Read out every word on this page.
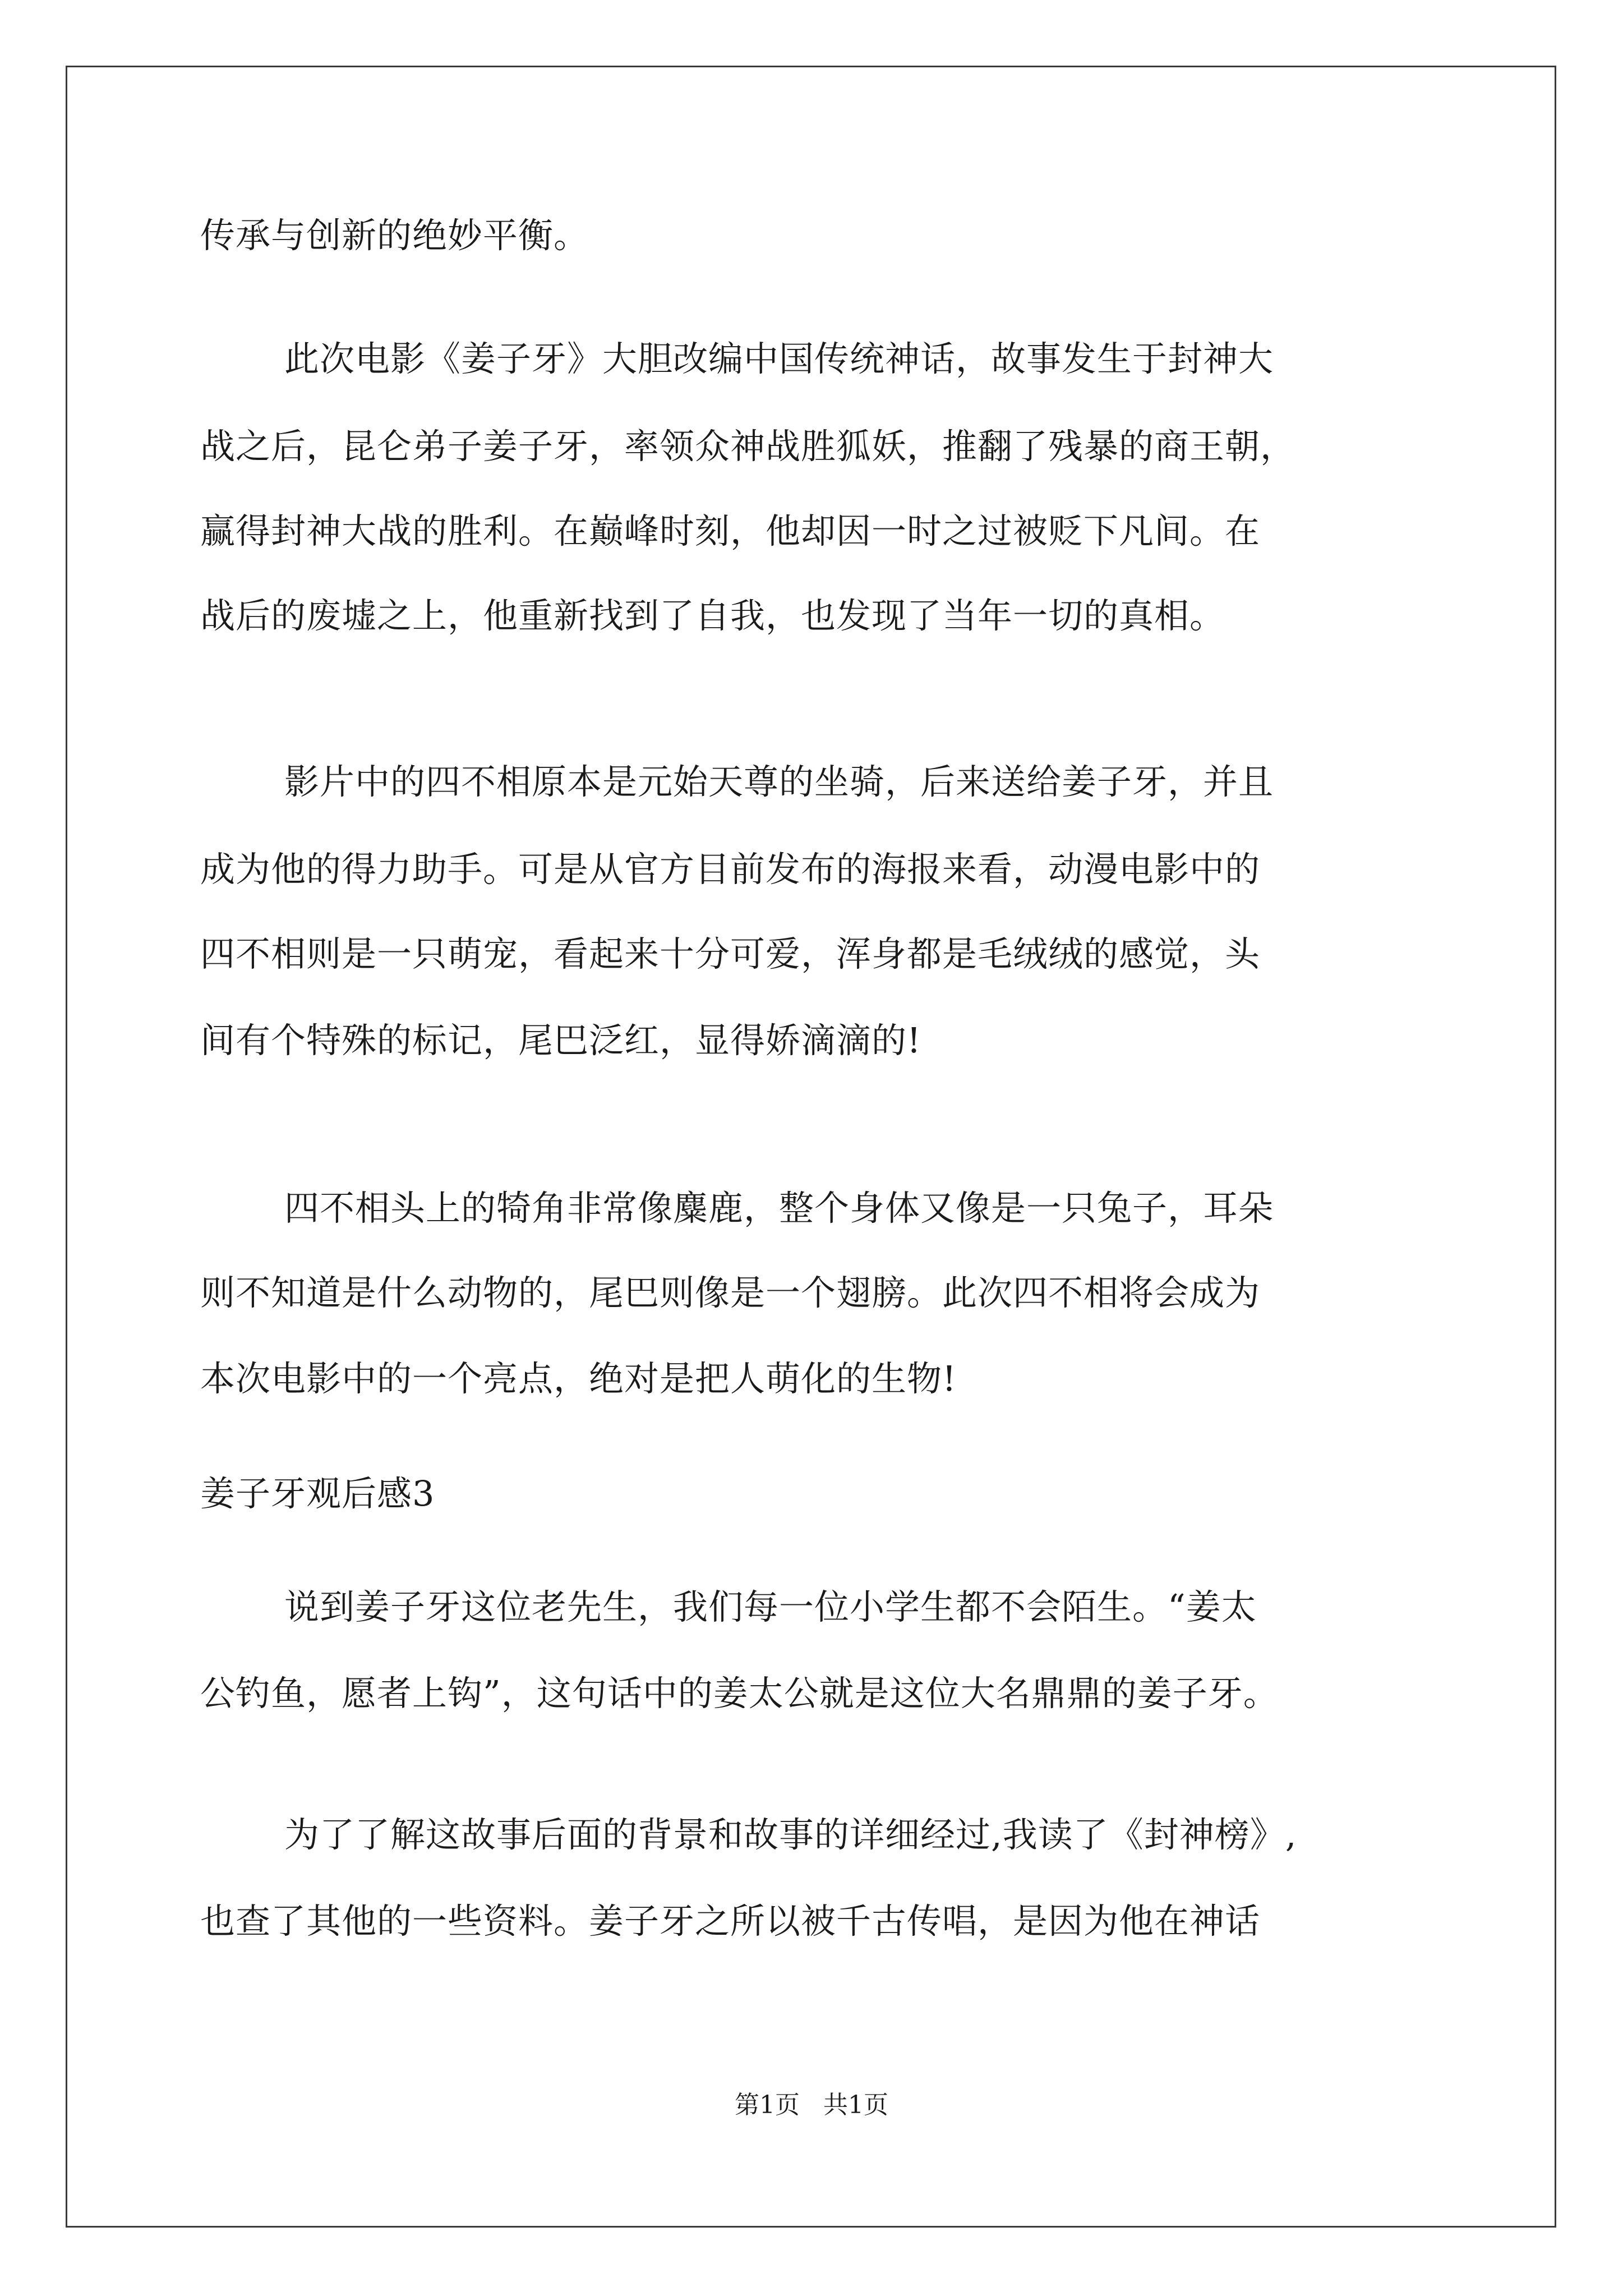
传承与创新的绝妙平衡。
此次电影《姜子牙》大胆改编中国传统神话，故事发生于封神大
战之后，昆仑弟子姜子牙，率领众神战胜狐妖，推翻了残暴的商王朝，
赢得封神大战的胜利。在巅峰时刻，他却因一时之过被贬下凡间。在
战后的废墟之上，他重新找到了自我，也发现了当年一切的真相。
影片中的四不相原本是元始天尊的坐骑，后来送给姜子牙，并且
成为他的得力助手。可是从官方目前发布的海报来看，动漫电影中的
四不相则是一只萌宠，看起来十分可爱，浑身都是毛绒绒的感觉，头
间有个特殊的标记，尾巴泛红，显得娇滴滴的!
四不相头上的犄角非常像麋鹿，整个身体又像是一只兔子，耳朵
则不知道是什么动物的，尾巴则像是一个翅膀。此次四不相将会成为
本次电影中的一个亮点，绝对是把人萌化的生物!
姜子牙观后感3
说到姜子牙这位老先生，我们每一位小学生都不会陌生。“姜太
公钓鱼，愿者上钩”，这句话中的姜太公就是这位大名鼎鼎的姜子牙。
为了了解这故事后面的背景和故事的详细经过,我读了《封神榜》,
也查了其他的一些资料。姜子牙之所以被千古传唱，是因为他在神话
第1页   共1页
